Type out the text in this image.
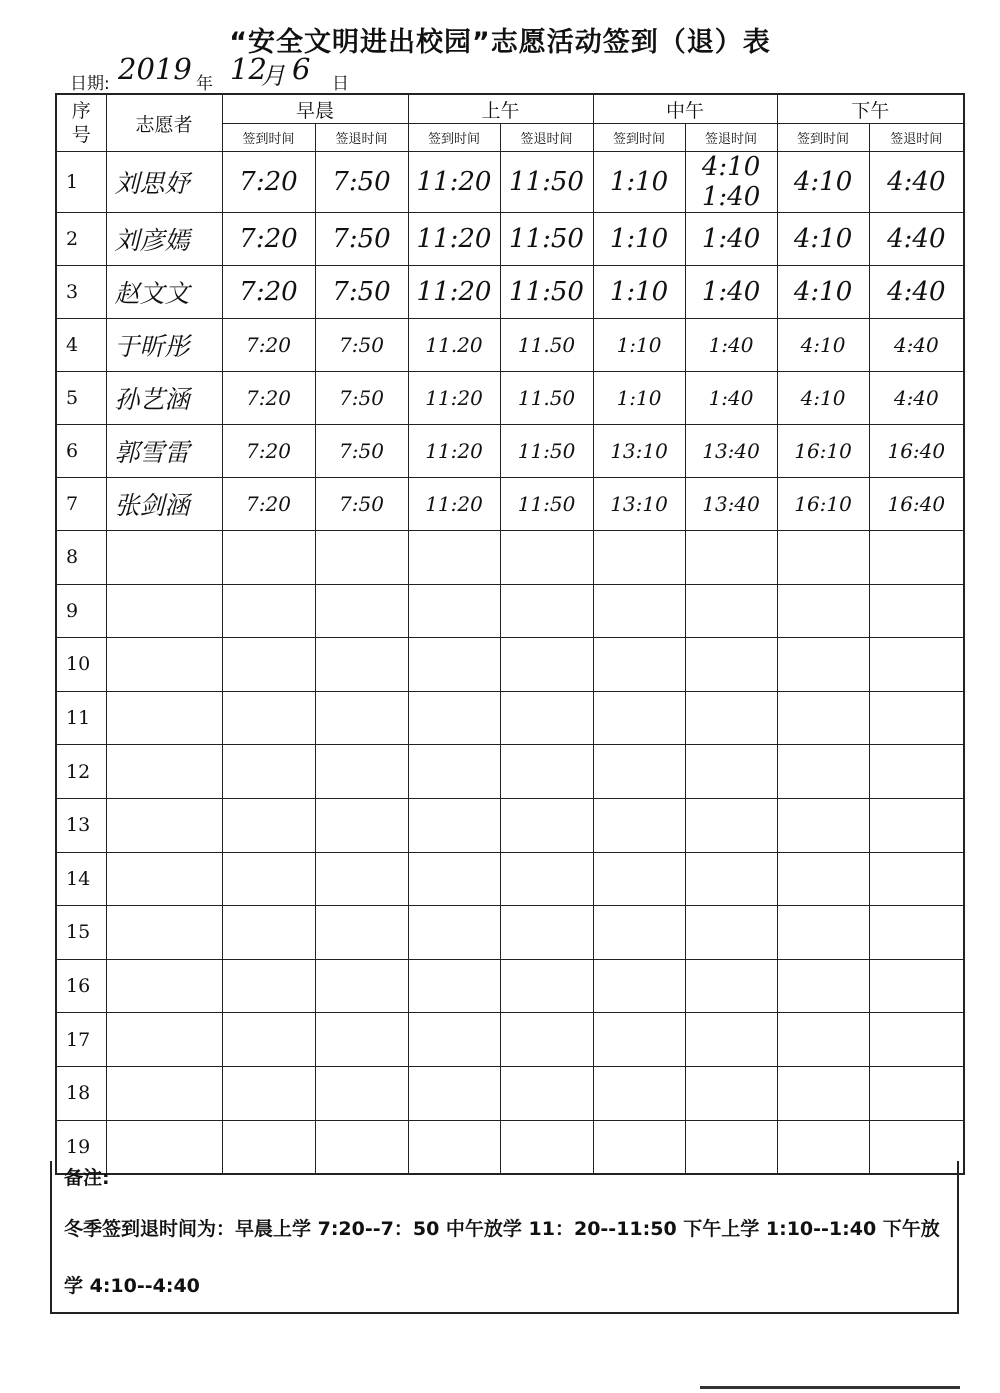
“安全文明进出校园”志愿活动签到（退）表
日期: 2019 年 12
月 6 日
序
号	志愿者	早晨		上午		中午		下午	
		签到时间	签退时间	签到时间	签退时间	签到时间	签退时间	签到时间	签退时间
1	刘思妤	7:20	7:50	11:20	11:50	1:10	4:10 1:40	4:10	4:40
2	刘彦嫣	7:20	7:50	11:20	11:50	1:10	1:40	4:10	4:40
3	赵文文	7:20	7:50	11:20	11:50	1:10	1:40	4:10	4:40
4	于昕彤	7:20	7:50	11.20	11.50	1:10	1:40	4:10	4:40
5	孙艺涵	7:20	7:50	11:20	11.50	1:10	1:40	4:10	4:40
6	郭雪雷	7:20	7:50	11:20	11:50	13:10	13:40	16:10	16:40
7	张剑涵	7:20	7:50	11:20	11:50	13:10	13:40	16:10	16:40
8									
9									
10									
11									
12									
13									
14									
15									
16									
17									
18									
19									
备注:
冬季签到退时间为：早晨上学 7:20--7：50 中午放学 11：20--11:50 下午上学 1:10--1:40 下午放学 4:10--4:40
